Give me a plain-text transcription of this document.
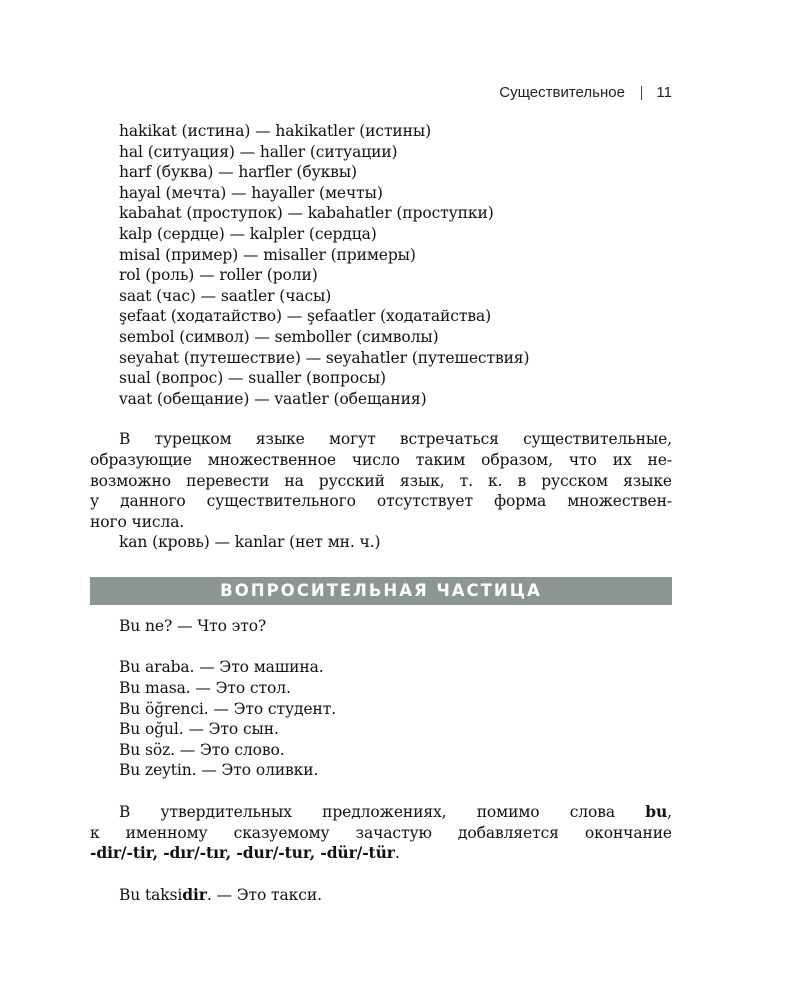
Существительное 11
hakikat (истина) — hakikatler (истины)
hal (ситуация) — haller (ситуации)
harf (буква) — harfler (буквы)
hayal (мечта) — hayaller (мечты)
kabahat (проступок) — kabahatler (проступки)
kalp (сердце) — kalpler (сердца)
misal (пример) — misaller (примеры)
rol (роль) — roller (роли)
saat (час) — saatler (часы)
şefaat (ходатайство) — şefaatler (ходатайства)
sembol (символ) — semboller (символы)
seyahat (путешествие) — seyahatler (путешествия)
sual (вопрос) — sualler (вопросы)
vaat (обещание) — vaatler (обещания)
В турецком языке могут встречаться существительные,
образующие множественное число таким образом, что их не-
возможно перевести на русский язык, т. к. в русском языке
у данного существительного отсутствует форма множествен-
ного числа.
kan (кровь) — kanlar (нет мн. ч.)
ВОПРОСИТЕЛЬНАЯ ЧАСТИЦА
Bu ne? — Что это?
Bu araba. — Это машина.
Bu masa. — Это стол.
Bu öğrenci. — Это студент.
Bu oğul. — Это сын.
Bu söz. — Это слово.
Bu zeytin. — Это оливки.
В утвердительных предложениях, помимо слова bu,
к именному сказуемому зачастую добавляется окончание
-dir/-tir, -dır/-tır, -dur/-tur, -dür/-tür.
Bu taksidir. — Это такси.
